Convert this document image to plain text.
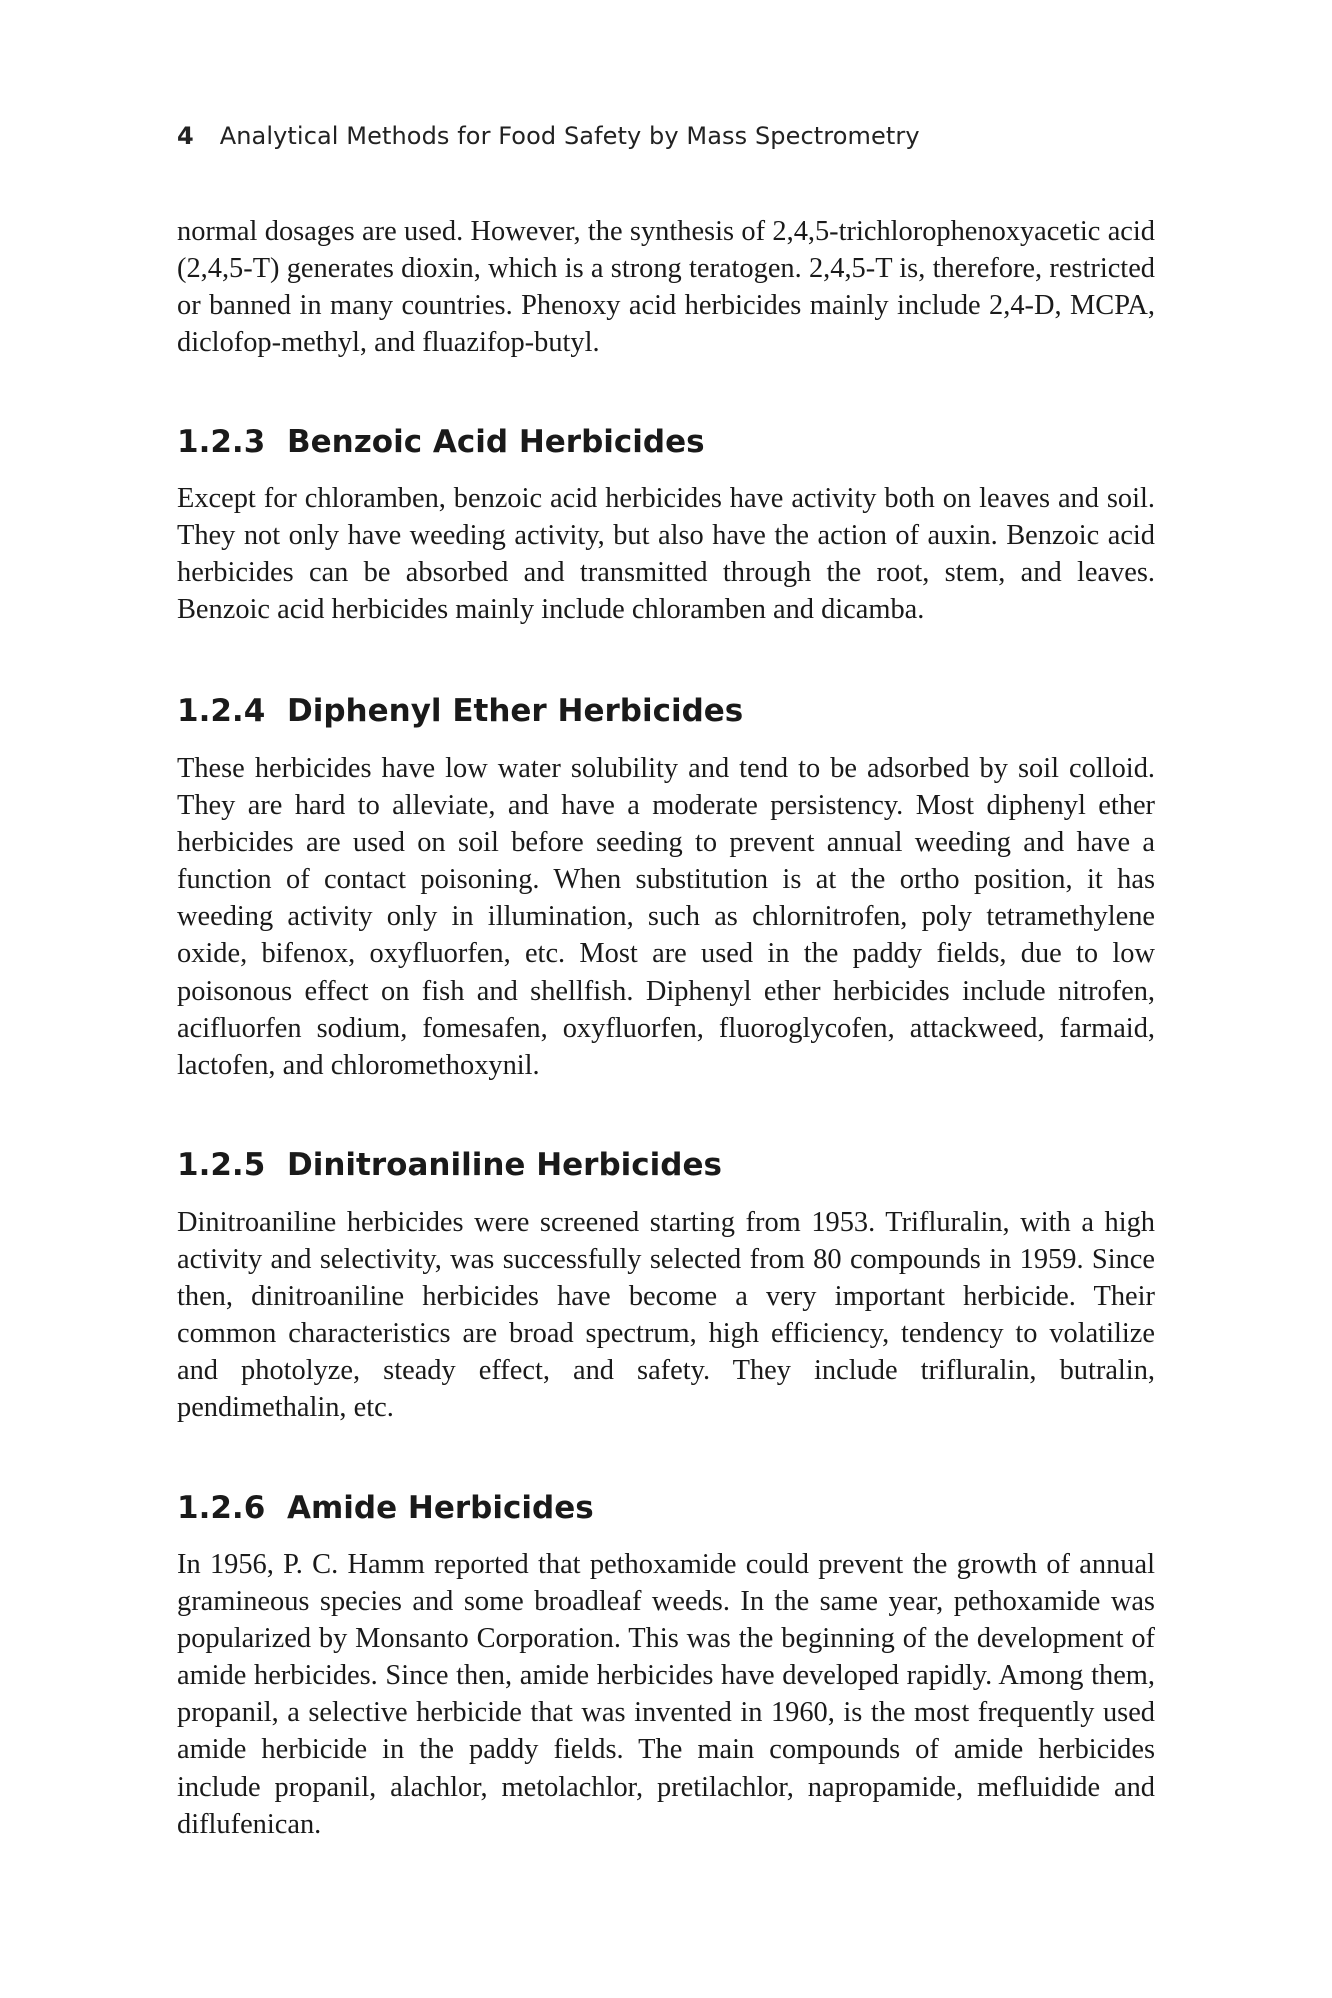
4 Analytical Methods for Food Safety by Mass Spectrometry

normal dosages are used. However, the synthesis of 2,4,5-trichlorophenoxyacetic acid (2,4,5-T) generates dioxin, which is a strong teratogen. 2,4,5-T is, therefore, restricted or banned in many countries. Phenoxy acid herbicides mainly include 2,4-D, MCPA, diclofop-methyl, and fluazifop-butyl.

1.2.3 Benzoic Acid Herbicides

Except for chloramben, benzoic acid herbicides have activity both on leaves and soil. They not only have weeding activity, but also have the action of auxin. Benzoic acid herbicides can be absorbed and transmitted through the root, stem, and leaves. Benzoic acid herbicides mainly include chloramben and dicamba.

1.2.4 Diphenyl Ether Herbicides

These herbicides have low water solubility and tend to be adsorbed by soil colloid. They are hard to alleviate, and have a moderate persistency. Most diphenyl ether herbicides are used on soil before seeding to prevent annual weeding and have a function of contact poisoning. When substitution is at the ortho position, it has weeding activity only in illumination, such as chlornitrofen, poly tetramethylene oxide, bifenox, oxyfluorfen, etc. Most are used in the paddy fields, due to low poisonous effect on fish and shellfish. Diphenyl ether herbicides include nitrofen, acifluorfen sodium, fomesafen, oxyfluorfen, fluoroglycofen, attackweed, farmaid, lactofen, and chloromethoxynil.

1.2.5 Dinitroaniline Herbicides

Dinitroaniline herbicides were screened starting from 1953. Trifluralin, with a high activity and selectivity, was successfully selected from 80 compounds in 1959. Since then, dinitroaniline herbicides have become a very important herbicide. Their common characteristics are broad spectrum, high efficiency, tendency to volatilize and photolyze, steady effect, and safety. They include trifluralin, butralin, pendimethalin, etc.

1.2.6 Amide Herbicides

In 1956, P. C. Hamm reported that pethoxamide could prevent the growth of annual gramineous species and some broadleaf weeds. In the same year, pethoxamide was popularized by Monsanto Corporation. This was the beginning of the development of amide herbicides. Since then, amide herbicides have developed rapidly. Among them, propanil, a selective herbicide that was invented in 1960, is the most frequently used amide herbicide in the paddy fields. The main compounds of amide herbicides include propanil, alachlor, metolachlor, pretilachlor, napropamide, mefluidide and diflufenican.
